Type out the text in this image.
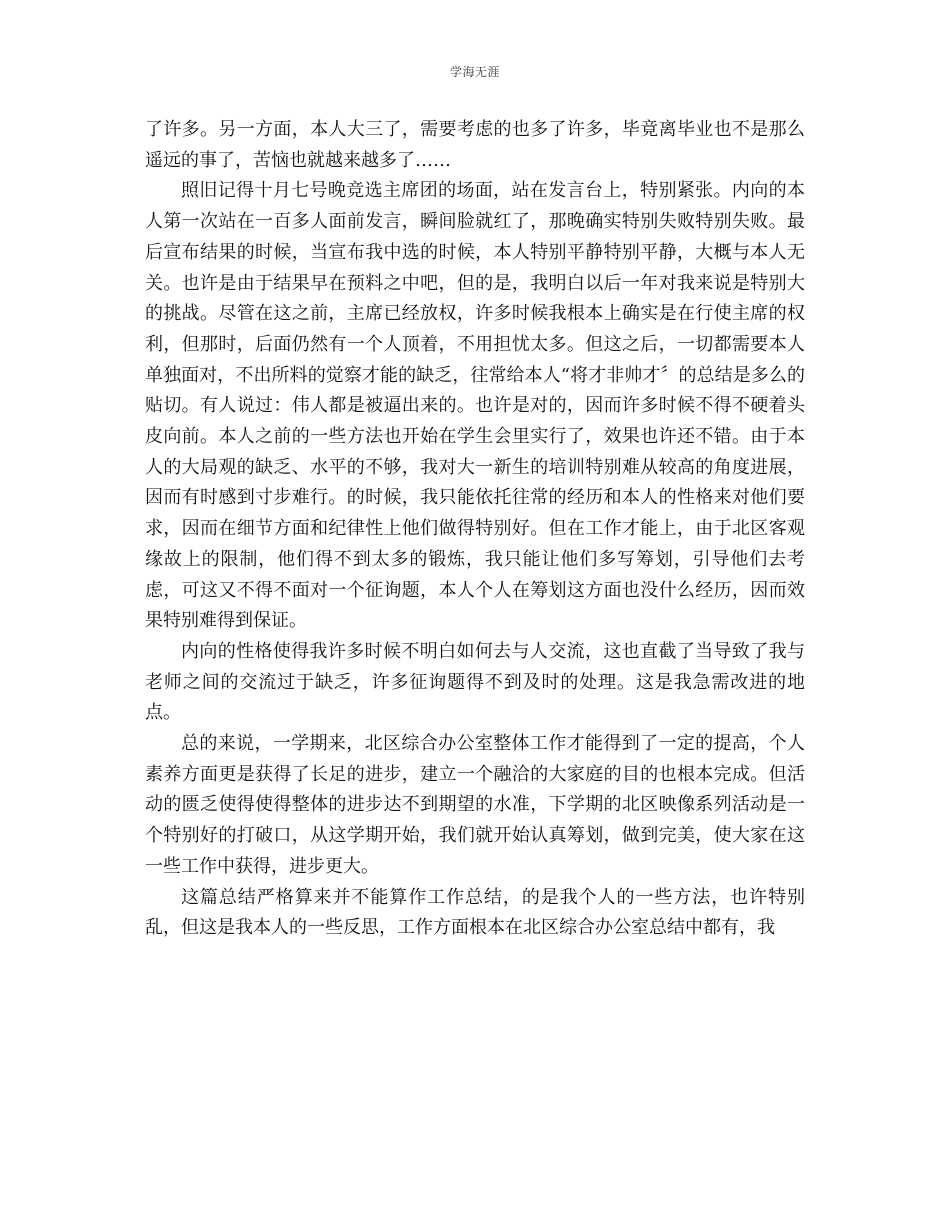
学海无涯

了许多。另一方面，本人大三了，需要考虑的也多了许多，毕竟离毕业也不是那么遥远的事了，苦恼也就越来越多了……

照旧记得十月七号晚竞选主席团的场面，站在发言台上，特别紧张。内向的本人第一次站在一百多人面前发言，瞬间脸就红了，那晚确实特别失败特别失败。最后宣布结果的时候，当宣布我中选的时候，本人特别平静特别平静，大概与本人无关。也许是由于结果早在预料之中吧，但的是，我明白以后一年对我来说是特别大的挑战。尽管在这之前，主席已经放权，许多时候我根本上确实是在行使主席的权利，但那时，后面仍然有一个人顶着，不用担忧太多。但这之后，一切都需要本人单独面对，不出所料的觉察才能的缺乏，往常给本人“将才非帅才〞的总结是多么的贴切。有人说过：伟人都是被逼出来的。也许是对的，因而许多时候不得不硬着头皮向前。本人之前的一些方法也开始在学生会里实行了，效果也许还不错。由于本人的大局观的缺乏、水平的不够，我对大一新生的培训特别难从较高的角度进展，因而有时感到寸步难行。的时候，我只能依托往常的经历和本人的性格来对他们要求，因而在细节方面和纪律性上他们做得特别好。但在工作才能上，由于北区客观缘故上的限制，他们得不到太多的锻炼，我只能让他们多写筹划，引导他们去考虑，可这又不得不面对一个征询题，本人个人在筹划这方面也没什么经历，因而效果特别难得到保证。

内向的性格使得我许多时候不明白如何去与人交流，这也直截了当导致了我与老师之间的交流过于缺乏，许多征询题得不到及时的处理。这是我急需改进的地点。

总的来说，一学期来，北区综合办公室整体工作才能得到了一定的提高，个人素养方面更是获得了长足的进步，建立一个融洽的大家庭的目的也根本完成。但活动的匮乏使得使得整体的进步达不到期望的水准，下学期的北区映像系列活动是一个特别好的打破口，从这学期开始，我们就开始认真筹划，做到完美，使大家在这一些工作中获得，进步更大。

这篇总结严格算来并不能算作工作总结，的是我个人的一些方法，也许特别乱，但这是我本人的一些反思，工作方面根本在北区综合办公室总结中都有，我
